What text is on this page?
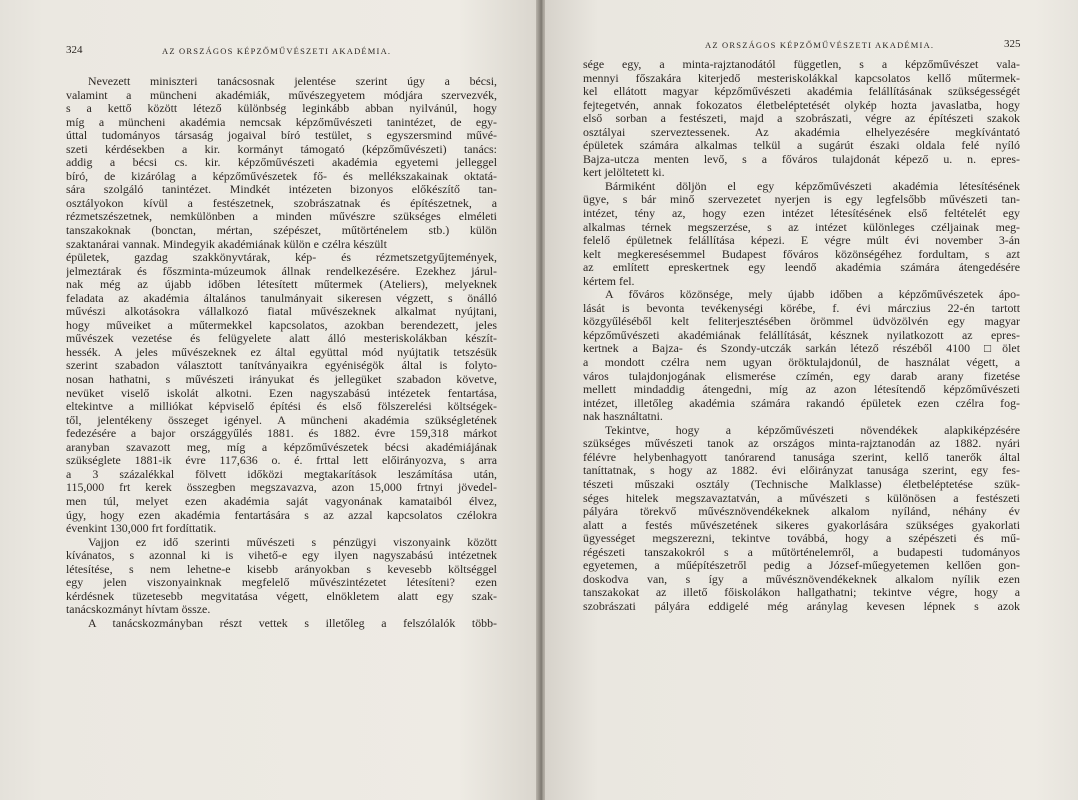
324	AZ ORSZÁGOS KÉPZŐMŰVÉSZETI AKADÉMIA.
Nevezett miniszteri tanácsosnak jelentése szerint úgy a bécsi,
valamint a müncheni akadémiák, művészegyetem módjára szervezvék,
s a kettő között létező különbség leginkább abban nyilvánúl, hogy
míg a müncheni akadémia nemcsak képzőművészeti tanintézet, de egy-
úttal tudományos társaság jogaival bíró testület, s egyszersmind művé-
szeti kérdésekben a kir. kormányt támogató (képzőművészeti) tanács:
addig a bécsi cs. kir. képzőművészeti akadémia egyetemi jelleggel
bíró, de kizárólag a képzőművészetek fő- és mellékszakainak oktatá-
sára szolgáló tanintézet. Mindkét intézeten bizonyos előkészítő tan-
osztályokon kívül a festészetnek, szobrászatnak és építészetnek, a
rézmetszészetnek, nemkülönben a minden művészre szükséges elméleti
tanszakoknak (bonctan, mértan, szépészet, műtörténelem stb.) külön
szaktanárai vannak. Mindegyik akadémiának külön e czélra készült
épületek, gazdag szakkönyvtárak, kép- és rézmetszetgyűjtemények,
jelmeztárak és főszminta-múzeumok állnak rendelkezésére. Ezekhez járul-
nak még az újabb időben létesített műtermek (Ateliers), melyeknek
feladata az akadémia általános tanulmányait sikeresen végzett, s önálló
művészi alkotásokra vállalkozó fiatal művészeknek alkalmat nyújtani,
hogy műveiket a műtermekkel kapcsolatos, azokban berendezett, jeles
művészek vezetése és felügyelete alatt álló mesteriskolákban készít-
hessék. A jeles művészeknek ez által együttal mód nyújtatik tetszésük
szerint szabadon választott tanítványaikra egyéniségök által is folyto-
nosan hathatni, s művészeti irányukat és jellegüket szabadon követve,
nevüket viselő iskolát alkotni. Ezen nagyszabású intézetek fentartása,
eltekintve a milliókat képviselő építési és első fölszerelési költségek-
től, jelentékeny összeget igényel. A müncheni akadémia szükségletének
fedezésére a bajor országgyűlés 1881. és 1882. évre 159,318 márkot
aranyban szavazott meg, míg a képzőművészetek bécsi akadémiájának
szükséglete 1881-ik évre 117,636 o. é. frttal lett előirányozva, s arra
a 3 százalékkal fölvett időközi megtakarítások leszámítása után,
115,000 frt kerek összegben megszavazva, azon 15,000 frtnyi jövedel-
men túl, melyet ezen akadémia saját vagyonának kamataiból élvez,
úgy, hogy ezen akadémia fentartására s az azzal kapcsolatos czélokra
évenkint 130,000 frt fordíttatik.
Vajjon ez idő szerinti művészeti s pénzügyi viszonyaink között
kívánatos, s azonnal ki is vihető-e egy ilyen nagyszabású intézetnek
létesítése, s nem lehetne-e kisebb arányokban s kevesebb költséggel
egy jelen viszonyainknak megfelelő művészintézetet létesíteni? ezen
kérdésnek tüzetesebb megvitatása végett, elnökletem alatt egy szak-
tanácskozmányt hívtam össze.
A tanácskozmányban részt vettek s illetőleg a felszólalók több-
AZ ORSZÁGOS KÉPZŐMŰVÉSZETI AKADÉMIA.	325
sége egy, a minta-rajztanodától független, s a képzőművészet vala-
mennyi főszakára kiterjedő mesteriskolákkal kapcsolatos kellő műtermek-
kel ellátott magyar képzőművészeti akadémia felállításának szükségességét
fejtegetvén, annak fokozatos életbeléptetését olykép hozta javaslatba, hogy
első sorban a festészeti, majd a szobrászati, végre az építészeti szakok
osztályai szerveztessenek. Az akadémia elhelyezésére megkívántató
épületek számára alkalmas telkül a sugárút északi oldala felé nyíló
Bajza-utcza menten levő, s a főváros tulajdonát képező u. n. epres-
kert jelöltetett ki.
Bármiként döljön el egy képzőművészeti akadémia létesítésének
ügye, s bár minő szervezetet nyerjen is egy legfelsőbb művészeti tan-
intézet, tény az, hogy ezen intézet létesítésének első feltételét egy
alkalmas térnek megszerzése, s az intézet különleges czéljainak meg-
felelő épületnek felállítása képezi. E végre múlt évi november 3-án
kelt megkeresésemmel Budapest főváros közönségéhez fordultam, s azt
az említett epreskertnek egy leendő akadémia számára átengedésére
kértem fel.
A főváros közönsége, mely újabb időben a képzőművészetek ápo-
lását is bevonta tevékenységi körébe, f. évi márczius 22-én tartott
közgyűléséből kelt feliterjesztésében örömmel üdvözölvén egy magyar
képzőművészeti akadémiának felállítását, késznek nyilatkozott az epres-
kertnek a Bajza- és Szondy-utczák sarkán létező részéből 4100 □ölet
a mondott czélra nem ugyan öröktulajdonúl, de használat végett, a
város tulajdonjogának elismerése czímén, egy darab arany fizetése
mellett mindaddig átengedni, míg az azon létesítendő képzőművészeti
intézet, illetőleg akadémia számára rakandó épületek ezen czélra fog-
nak használtatni.
Tekintve, hogy a képzőművészeti növendékek alapkiképzésére
szükséges művészeti tanok az országos minta-rajztanodán az 1882. nyári
félévre helybenhagyott tanórarend tanusága szerint, kellő tanerők által
taníttatnak, s hogy az 1882. évi előirányzat tanusága szerint, egy fes-
tészeti műszaki osztály (Technische Malklasse) életbeléptetése szük-
séges hitelek megszavaztatván, a művészeti s különösen a festészeti
pályára törekvő művésznövendékeknek alkalom nyílánd, néhány év
alatt a festés művészetének sikeres gyakorlására szükséges gyakorlati
ügyességet megszerezni, tekintve továbbá, hogy a szépészeti és mű-
régészeti tanszakokról s a műtörténelemről, a budapesti tudományos
egyetemen, a műépítészetről pedig a József-műegyetemen kellően gon-
doskodva van, s így a művésznövendékeknek alkalom nyílik ezen
tanszakokat az illető főiskolákon hallgathatni; tekintve végre, hogy a
szobrászati pályára eddigelé még aránylag kevesen lépnek s azok
